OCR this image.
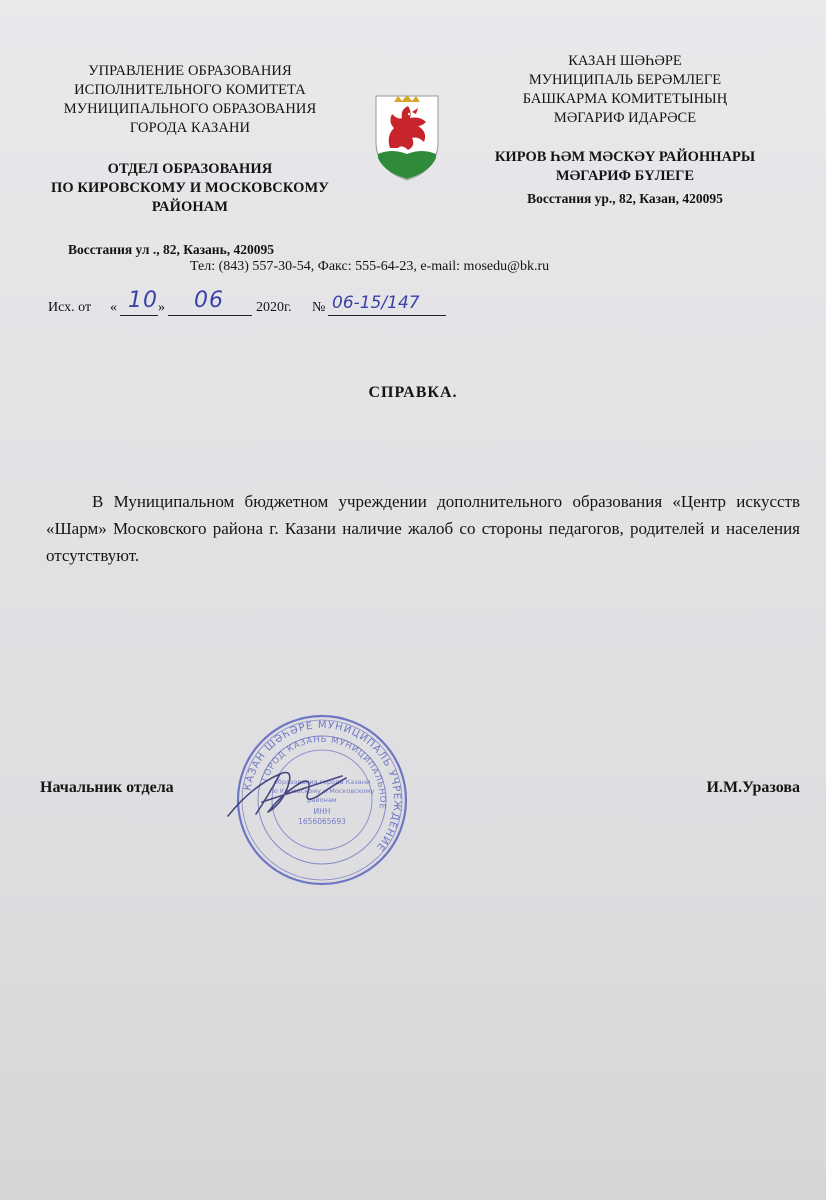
УПРАВЛЕНИЕ ОБРАЗОВАНИЯ
ИСПОЛНИТЕЛЬНОГО КОМИТЕТА
МУНИЦИПАЛЬНОГО ОБРАЗОВАНИЯ
ГОРОДА КАЗАНИ
ОТДЕЛ ОБРАЗОВАНИЯ
ПО КИРОВСКОМУ И МОСКОВСКОМУ
РАЙОНАМ
КАЗАН ШӘҺӘРЕ
МУНИЦИПАЛЬ БЕРӘМЛЕГЕ
БАШКАРМА КОМИТЕТЫНЫҢ
МӘГАРИФ ИДАРӘСЕ
КИРОВ ҺӘМ МӘСКӘҮ РАЙОННАРЫ
МӘГАРИФ БҮЛЕГЕ
Восстания ур., 82, Казан, 420095
Восстания ул ., 82, Казань, 420095
Тел: (843) 557-30-54, Факс: 555-64-23, e-mail: mosedu@bk.ru
Исх. от « 10 » 06 2020г. № 06-15/147
СПРАВКА.
В Муниципальном бюджетном учреждении дополнительного образования «Центр искусств «Шарм» Московского района г. Казани наличие жалоб со стороны педагогов, родителей и населения отсутствуют.
КАЗАН ШӘҺӘРЕ МУНИЦИПАЛЬ УЧРЕЖДЕНИЕ
ГОРОД КАЗАНЬ МУНИЦИПАЛЬНОЕ
образования города Казани
по Кировскому и Московскому
районам
ИНН
1656065693
Начальник отдела	И.М.Уразова
